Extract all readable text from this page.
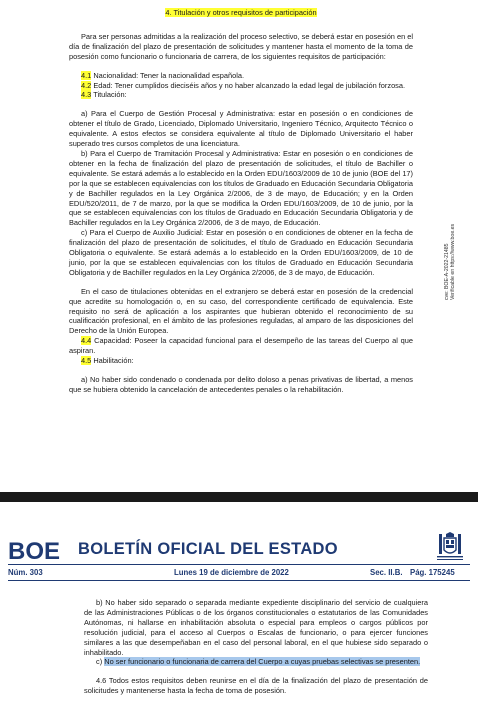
4. Titulación y otros requisitos de participación
Para ser personas admitidas a la realización del proceso selectivo, se deberá estar en posesión en el día de finalización del plazo de presentación de solicitudes y mantener hasta el momento de la toma de posesión como funcionario o funcionaria de carrera, de los siguientes requisitos de participación:
4.1 Nacionalidad: Tener la nacionalidad española.
4.2 Edad: Tener cumplidos dieciséis años y no haber alcanzado la edad legal de jubilación forzosa.
4.3 Titulación:
a) Para el Cuerpo de Gestión Procesal y Administrativa: estar en posesión o en condiciones de obtener el título de Grado, Licenciado, Diplomado Universitario, Ingeniero Técnico, Arquitecto Técnico o equivalente. A estos efectos se considera equivalente al título de Diplomado Universitario el haber superado tres cursos completos de una licenciatura.
b) Para el Cuerpo de Tramitación Procesal y Administrativa: Estar en posesión o en condiciones de obtener en la fecha de finalización del plazo de presentación de solicitudes, el título de Bachiller o equivalente. Se estará además a lo establecido en la Orden EDU/1603/2009 de 10 de junio (BOE del 17) por la que se establecen equivalencias con los títulos de Graduado en Educación Secundaria Obligatoria y de Bachiller regulados en la Ley Orgánica 2/2006, de 3 de mayo, de Educación; y en la Orden EDU/520/2011, de 7 de marzo, por la que se modifica la Orden EDU/1603/2009, de 10 de junio, por la que se establecen equivalencias con los títulos de Graduado en Educación Secundaria Obligatoria y de Bachiller regulados en la Ley Orgánica 2/2006, de 3 de mayo, de Educación.
c) Para el Cuerpo de Auxilio Judicial: Estar en posesión o en condiciones de obtener en la fecha de finalización del plazo de presentación de solicitudes, el título de Graduado en Educación Secundaria Obligatoria o equivalente. Se estará además a lo establecido en la Orden EDU/1603/2009, de 10 de junio, por la que se establecen equivalencias con los títulos de Graduado en Educación Secundaria Obligatoria y de Bachiller regulados en la Ley Orgánica 2/2006, de 3 de mayo, de Educación.
En el caso de titulaciones obtenidas en el extranjero se deberá estar en posesión de la credencial que acredite su homologación o, en su caso, del correspondiente certificado de equivalencia. Este requisito no será de aplicación a los aspirantes que hubieran obtenido el reconocimiento de su cualificación profesional, en el ámbito de las profesiones reguladas, al amparo de las disposiciones del Derecho de la Unión Europea.
4.4 Capacidad: Poseer la capacidad funcional para el desempeño de las tareas del Cuerpo al que aspiran.
4.5 Habilitación:
a) No haber sido condenado o condenada por delito doloso a penas privativas de libertad, a menos que se hubiera obtenido la cancelación de antecedentes penales o la rehabilitación.
cve: BOE-A-2022-21485 Verificable en https://www.boe.es
BOE BOLETÍN OFICIAL DEL ESTADO
Núm. 303	Lunes 19 de diciembre de 2022	Sec. II.B. Pág. 175245
b) No haber sido separado o separada mediante expediente disciplinario del servicio de cualquiera de las Administraciones Públicas o de los órganos constitucionales o estatutarios de las Comunidades Autónomas, ni hallarse en inhabilitación absoluta o especial para empleos o cargos públicos por resolución judicial, para el acceso al Cuerpos o Escalas de funcionario, o para ejercer funciones similares a las que desempeñaban en el caso del personal laboral, en el que hubiese sido separado o inhabilitado.
c) No ser funcionario o funcionaria de carrera del Cuerpo a cuyas pruebas selectivas se presenten.
4.6 Todos estos requisitos deben reunirse en el día de la finalización del plazo de presentación de solicitudes y mantenerse hasta la fecha de toma de posesión.
